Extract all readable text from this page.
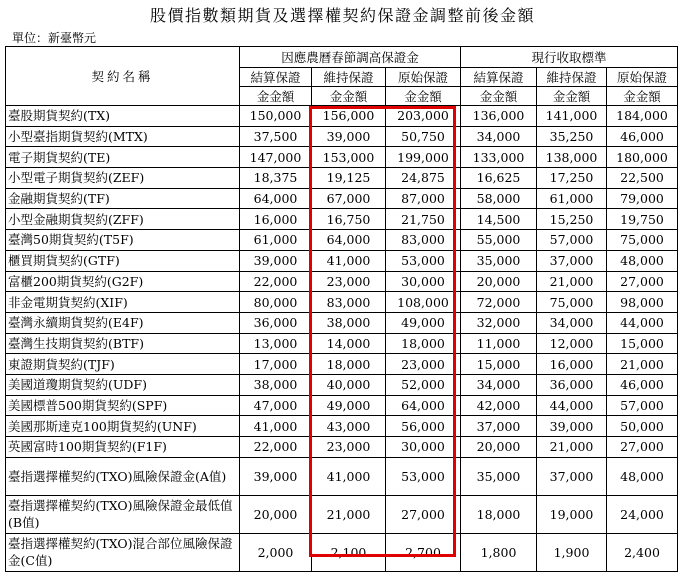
股價指數類期貨及選擇權契約保證金調整前後金額
單位：新臺幣元
契約名稱	因應農曆春節調高保證金			現行收取標準		
	結算保證	維持保證	原始保證	結算保證	維持保證	原始保證
	金金額	金金額	金金額	金金額	金金額	金金額
臺股期貨契約(TX)	150,000	156,000	203,000	136,000	141,000	184,000
小型臺指期貨契約(MTX)	37,500	39,000	50,750	34,000	35,250	46,000
電子期貨契約(TE)	147,000	153,000	199,000	133,000	138,000	180,000
小型電子期貨契約(ZEF)	18,375	19,125	24,875	16,625	17,250	22,500
金融期貨契約(TF)	64,000	67,000	87,000	58,000	61,000	79,000
小型金融期貨契約(ZFF)	16,000	16,750	21,750	14,500	15,250	19,750
臺灣50期貨契約(T5F)	61,000	64,000	83,000	55,000	57,000	75,000
櫃買期貨契約(GTF)	39,000	41,000	53,000	35,000	37,000	48,000
富櫃200期貨契約(G2F)	22,000	23,000	30,000	20,000	21,000	27,000
非金電期貨契約(XIF)	80,000	83,000	108,000	72,000	75,000	98,000
臺灣永續期貨契約(E4F)	36,000	38,000	49,000	32,000	34,000	44,000
臺灣生技期貨契約(BTF)	13,000	14,000	18,000	11,000	12,000	15,000
東證期貨契約(TJF)	17,000	18,000	23,000	15,000	16,000	21,000
美國道瓊期貨契約(UDF)	38,000	40,000	52,000	34,000	36,000	46,000
美國標普500期貨契約(SPF)	47,000	49,000	64,000	42,000	44,000	57,000
美國那斯達克100期貨契約(UNF)	41,000	43,000	56,000	37,000	39,000	50,000
英國富時100期貨契約(F1F)	22,000	23,000	30,000	20,000	21,000	27,000
臺指選擇權契約(TXO)風險保證金(A值)	39,000	41,000	53,000	35,000	37,000	48,000
臺指選擇權契約(TXO)風險保證金最低值(B值)	20,000	21,000	27,000	18,000	19,000	24,000
臺指選擇權契約(TXO)混合部位風險保證金(C值)	2,000	2,100	2,700	1,800	1,900	2,400
